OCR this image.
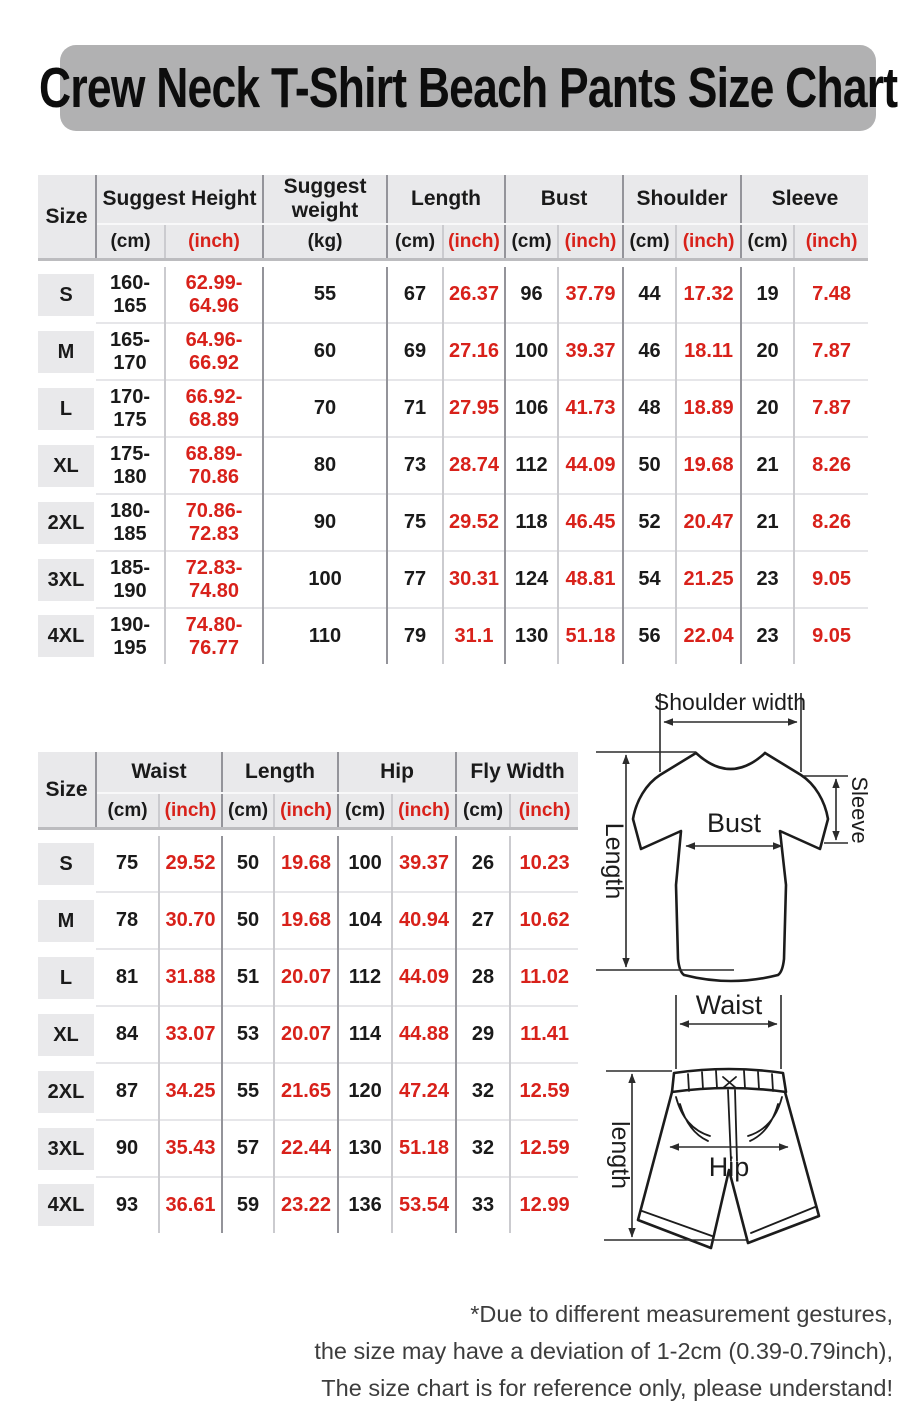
Crew Neck T-Shirt Beach Pants Size Chart
Size	Suggest Height		Suggest weight	Length		Bust		Shoulder		Sleeve	
	(cm)	(inch)	(kg)	(cm)	(inch)	(cm)	(inch)	(cm)	(inch)	(cm)	(inch)

S	160-165	62.99-64.96	55	67	26.37	96	37.79	44	17.32	19	7.48

M	165-170	64.96-66.92	60	69	27.16	100	39.37	46	18.11	20	7.87

L	170-175	66.92-68.89	70	71	27.95	106	41.73	48	18.89	20	7.87

XL	175-180	68.89-70.86	80	73	28.74	112	44.09	50	19.68	21	8.26

2XL	180-185	70.86-72.83	90	75	29.52	118	46.45	52	20.47	21	8.26

3XL	185-190	72.83-74.80	100	77	30.31	124	48.81	54	21.25	23	9.05

4XL	190-195	74.80-76.77	110	79	31.1	130	51.18	56	22.04	23	9.05
Size	Waist		Length		Hip		Fly Width	
	(cm)	(inch)	(cm)	(inch)	(cm)	(inch)	(cm)	(inch)

S	75	29.52	50	19.68	100	39.37	26	10.23

M	78	30.70	50	19.68	104	40.94	27	10.62

L	81	31.88	51	20.07	112	44.09	28	11.02

XL	84	33.07	53	20.07	114	44.88	29	11.41

2XL	87	34.25	55	21.65	120	47.24	32	12.59

3XL	90	35.43	57	22.44	130	51.18	32	12.59

4XL	93	36.61	59	23.22	136	53.54	33	12.99
Shoulder width
Length
Sleeve
Bust
Waist
length	Hip
*Due to different measurement gestures,
the size may have a deviation of 1-2cm (0.39-0.79inch),
The size chart is for reference only, please understand!
